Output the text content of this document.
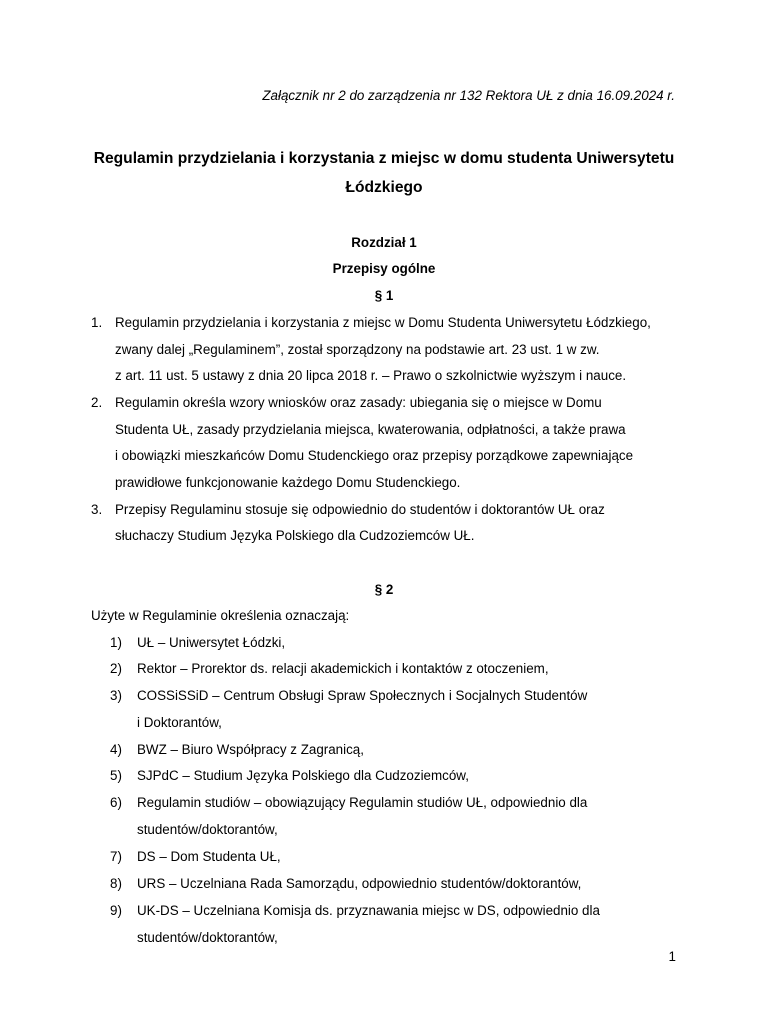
Załącznik nr 2 do zarządzenia nr 132 Rektora UŁ z dnia 16.09.2024 r.
Regulamin przydzielania i korzystania z miejsc w domu studenta Uniwersytetu Łódzkiego
Rozdział 1
Przepisy ogólne
§ 1
1. Regulamin przydzielania i korzystania z miejsc w Domu Studenta Uniwersytetu Łódzkiego,
zwany dalej „Regulaminem”, został sporządzony na podstawie art. 23 ust. 1 w zw.
z art. 11 ust. 5 ustawy z dnia 20 lipca 2018 r. – Prawo o szkolnictwie wyższym i nauce.
2. Regulamin określa wzory wniosków oraz zasady: ubiegania się o miejsce w Domu
Studenta UŁ, zasady przydzielania miejsca, kwaterowania, odpłatności, a także prawa
i obowiązki mieszkańców Domu Studenckiego oraz przepisy porządkowe zapewniające
prawidłowe funkcjonowanie każdego Domu Studenckiego.
3. Przepisy Regulaminu stosuje się odpowiednio do studentów i doktorantów UŁ oraz
słuchaczy Studium Języka Polskiego dla Cudzoziemców UŁ.
§ 2
Użyte w Regulaminie określenia oznaczają:
1) UŁ – Uniwersytet Łódzki,
2) Rektor – Prorektor ds. relacji akademickich i kontaktów z otoczeniem,
3) COSSiSSiD – Centrum Obsługi Spraw Społecznych i Socjalnych Studentów
i Doktorantów,
4) BWZ – Biuro Współpracy z Zagranicą,
5) SJPdC – Studium Języka Polskiego dla Cudzoziemców,
6) Regulamin studiów – obowiązujący Regulamin studiów UŁ, odpowiednio dla
studentów/doktorantów,
7) DS – Dom Studenta UŁ,
8) URS – Uczelniana Rada Samorządu, odpowiednio studentów/doktorantów,
9) UK-DS – Uczelniana Komisja ds. przyznawania miejsc w DS, odpowiednio dla
studentów/doktorantów,
1
